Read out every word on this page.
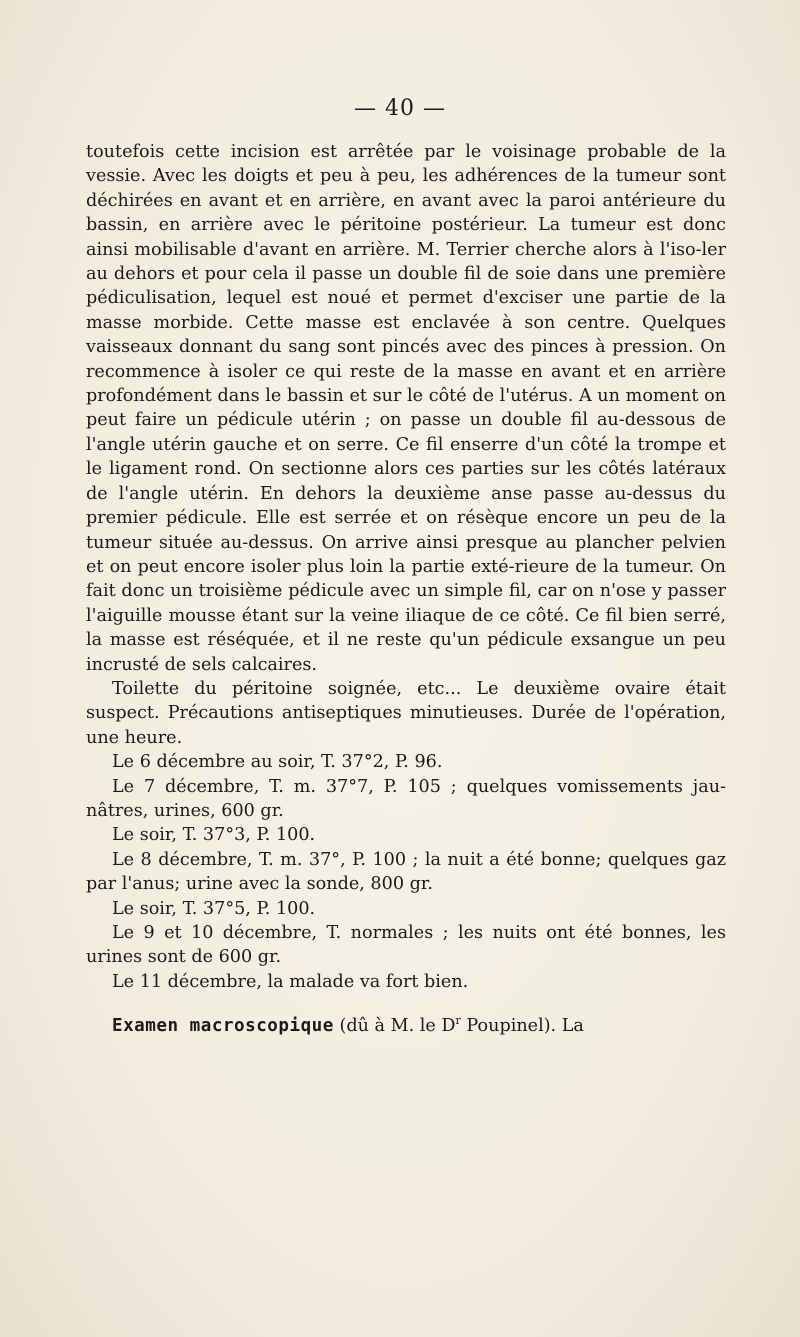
— 40 —

toutefois cette incision est arrêtée par le voisinage probable de la vessie. Avec les doigts et peu à peu, les adhérences de la tumeur sont déchirées en avant et en arrière, en avant avec la paroi antérieure du bassin, en arrière avec le péritoine postérieur. La tumeur est donc ainsi mobilisable d'avant en arrière. M. Terrier cherche alors à l'iso-ler au dehors et pour cela il passe un double fil de soie dans une première pédiculisation, lequel est noué et permet d'exciser une partie de la masse morbide. Cette masse est enclavée à son centre. Quelques vaisseaux donnant du sang sont pincés avec des pinces à pression. On recommence à isoler ce qui reste de la masse en avant et en arrière profondément dans le bassin et sur le côté de l'utérus. A un moment on peut faire un pédicule utérin ; on passe un double fil au-dessous de l'angle utérin gauche et on serre. Ce fil enserre d'un côté la trompe et le ligament rond. On sectionne alors ces parties sur les côtés latéraux de l'angle utérin. En dehors la deuxième anse passe au-dessus du premier pédicule. Elle est serrée et on résèque encore un peu de la tumeur située au-dessus. On arrive ainsi presque au plancher pelvien et on peut encore isoler plus loin la partie exté-rieure de la tumeur. On fait donc un troisième pédicule avec un simple fil, car on n'ose y passer l'aiguille mousse étant sur la veine iliaque de ce côté. Ce fil bien serré, la masse est réséquée, et il ne reste qu'un pédicule exsangue un peu incrusté de sels calcaires.

Toilette du péritoine soignée, etc... Le deuxième ovaire était suspect. Précautions antiseptiques minutieuses. Durée de l'opération, une heure.

Le 6 décembre au soir, T. 37°2, P. 96.

Le 7 décembre, T. m. 37°7, P. 105 ; quelques vomissements jau-nâtres, urines, 600 gr.

Le soir, T. 37°3, P. 100.

Le 8 décembre, T. m. 37°, P. 100 ; la nuit a été bonne; quelques gaz par l'anus; urine avec la sonde, 800 gr.

Le soir, T. 37°5, P. 100.

Le 9 et 10 décembre, T. normales ; les nuits ont été bonnes, les urines sont de 600 gr.

Le 11 décembre, la malade va fort bien.

Examen macroscopique (dû à M. le $D^r$ Poupinel). La
